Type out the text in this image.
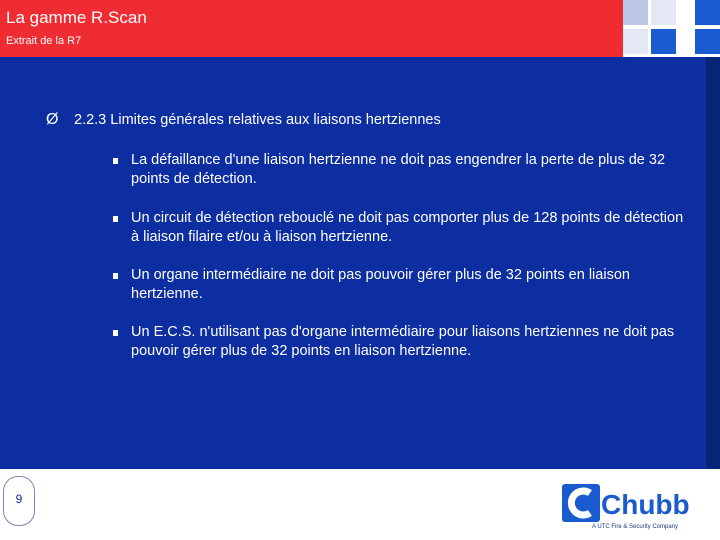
La gamme R.Scan
Extrait de la R7
Ø	2.2.3 Limites générales relatives aux liaisons hertziennes
La défaillance d'une liaison hertzienne ne doit pas engendrer la perte de plus de 32 points de détection.
Un circuit de détection rebouclé ne doit pas comporter plus de 128 points de détection à liaison filaire et/ou à liaison hertzienne.
Un organe intermédiaire ne doit pas pouvoir gérer plus de 32 points en liaison hertzienne.
Un E.C.S. n'utilisant pas d'organe intermédiaire pour liaisons hertziennes ne doit pas pouvoir gérer plus de 32 points en liaison hertzienne.
9	Chubb
A UTC Fire & Security Company
